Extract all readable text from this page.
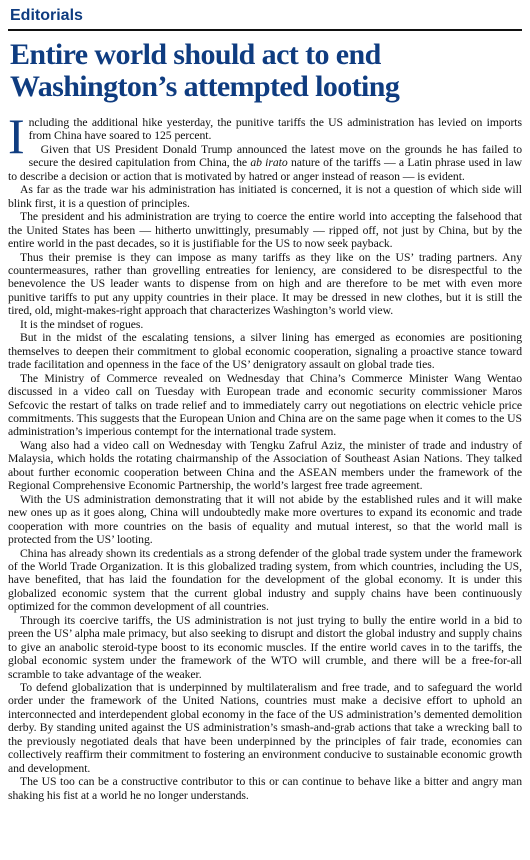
Editorials
Entire world should act to end
Washington’s attempted looting

Including the additional hike yesterday, the punitive tariffs the US administration has levied on imports from China have soared to 125 percent.

Given that US President Donald Trump announced the latest move on the grounds he has failed to secure the desired capitulation from China, the ab irato nature of the tariffs — a Latin phrase used in law to describe a decision or action that is motivated by hatred or anger instead of reason — is evident.

As far as the trade war his administration has initiated is concerned, it is not a question of which side will blink first, it is a question of principles.

The president and his administration are trying to coerce the entire world into accepting the falsehood that the United States has been — hitherto unwittingly, presumably — ripped off, not just by China, but by the entire world in the past decades, so it is justifiable for the US to now seek payback.

Thus their premise is they can impose as many tariffs as they like on the US’ trading partners. Any countermeasures, rather than grovelling entreaties for leniency, are considered to be disrespectful to the benevolence the US leader wants to dispense from on high and are therefore to be met with even more punitive tariffs to put any uppity countries in their place. It may be dressed in new clothes, but it is still the tired, old, might-makes-right approach that characterizes Washington’s world view.

It is the mindset of rogues.

But in the midst of the escalating tensions, a silver lining has emerged as economies are positioning themselves to deepen their commitment to global economic cooperation, signaling a proactive stance toward trade facilitation and openness in the face of the US’ denigratory assault on global trade ties.

The Ministry of Commerce revealed on Wednesday that China’s Commerce Minister Wang Wentao discussed in a video call on Tuesday with European trade and economic security commissioner Maros Sefcovic the restart of talks on trade relief and to immediately carry out negotiations on electric vehicle price commitments. This suggests that the European Union and China are on the same page when it comes to the US administration’s imperious contempt for the international trade system.

Wang also had a video call on Wednesday with Tengku Zafrul Aziz, the minister of trade and industry of Malaysia, which holds the rotating chairmanship of the Association of Southeast Asian Nations. They talked about further economic cooperation between China and the ASEAN members under the framework of the Regional Comprehensive Economic Partnership, the world’s largest free trade agreement.

With the US administration demonstrating that it will not abide by the established rules and it will make new ones up as it goes along, China will undoubtedly make more overtures to expand its economic and trade cooperation with more countries on the basis of equality and mutual interest, so that the world mall is protected from the US’ looting.

China has already shown its credentials as a strong defender of the global trade system under the framework of the World Trade Organization. It is this globalized trading system, from which countries, including the US, have benefited, that has laid the foundation for the development of the global economy. It is under this globalized economic system that the current global industry and supply chains have been continuously optimized for the common development of all countries.

Through its coercive tariffs, the US administration is not just trying to bully the entire world in a bid to preen the US’ alpha male primacy, but also seeking to disrupt and distort the global industry and supply chains to give an anabolic steroid-type boost to its economic muscles. If the entire world caves in to the tariffs, the global economic system under the framework of the WTO will crumble, and there will be a free-for-all scramble to take advantage of the weaker.

To defend globalization that is underpinned by multilateralism and free trade, and to safeguard the world order under the framework of the United Nations, countries must make a decisive effort to uphold an interconnected and interdependent global economy in the face of the US administration’s demented demolition derby. By standing united against the US administration’s smash-and-grab actions that take a wrecking ball to the previously negotiated deals that have been underpinned by the principles of fair trade, economies can collectively reaffirm their commitment to fostering an environment conducive to sustainable economic growth and development.

The US too can be a constructive contributor to this or can continue to behave like a bitter and angry man shaking his fist at a world he no longer understands.
